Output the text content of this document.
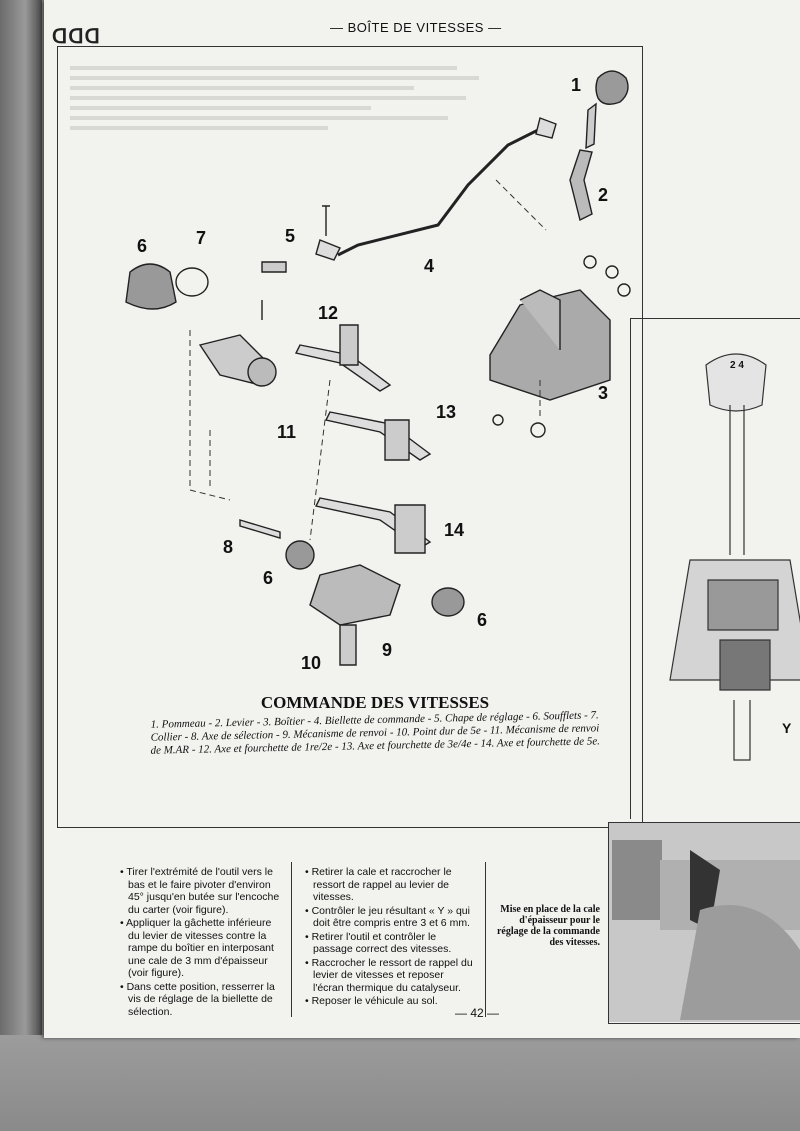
ᗡᗡᗡ	— BOÎTE DE VITESSES —
2 4
Y
1
2
3
4
5
6	7
8
6
9
10
11
12
13
14
6
COMMANDE DES VITESSES
1. Pommeau - 2. Levier - 3. Boîtier - 4. Biellette de commande - 5. Chape de réglage - 6. Soufflets - 7. Collier - 8. Axe de sélection - 9. Mécanisme de renvoi - 10. Point dur de 5e - 11. Mécanisme de renvoi de M.AR - 12. Axe et fourchette de 1re/2e - 13. Axe et fourchette de 3e/4e - 14. Axe et fourchette de 5e.

• Tirer l'extrémité de l'outil vers le bas et le faire pivoter d'environ 45° jusqu'en butée sur l'encoche du carter (voir figure).

• Appliquer la gâchette inférieure du levier de vitesses contre la rampe du boîtier en interposant une cale de 3 mm d'épaisseur (voir figure).

• Dans cette position, resserrer la vis de réglage de la biellette de sélection.

• Retirer la cale et raccrocher le ressort de rappel au levier de vitesses.

• Contrôler le jeu résultant « Y » qui doit être compris entre 3 et 6 mm.

• Retirer l'outil et contrôler le passage correct des vitesses.

• Raccrocher le ressort de rappel du levier de vitesses et reposer l'écran thermique du catalyseur.

• Reposer le véhicule au sol.

Mise en place de la cale d'épaisseur pour le réglage de la commande des vitesses.
— 42 —
